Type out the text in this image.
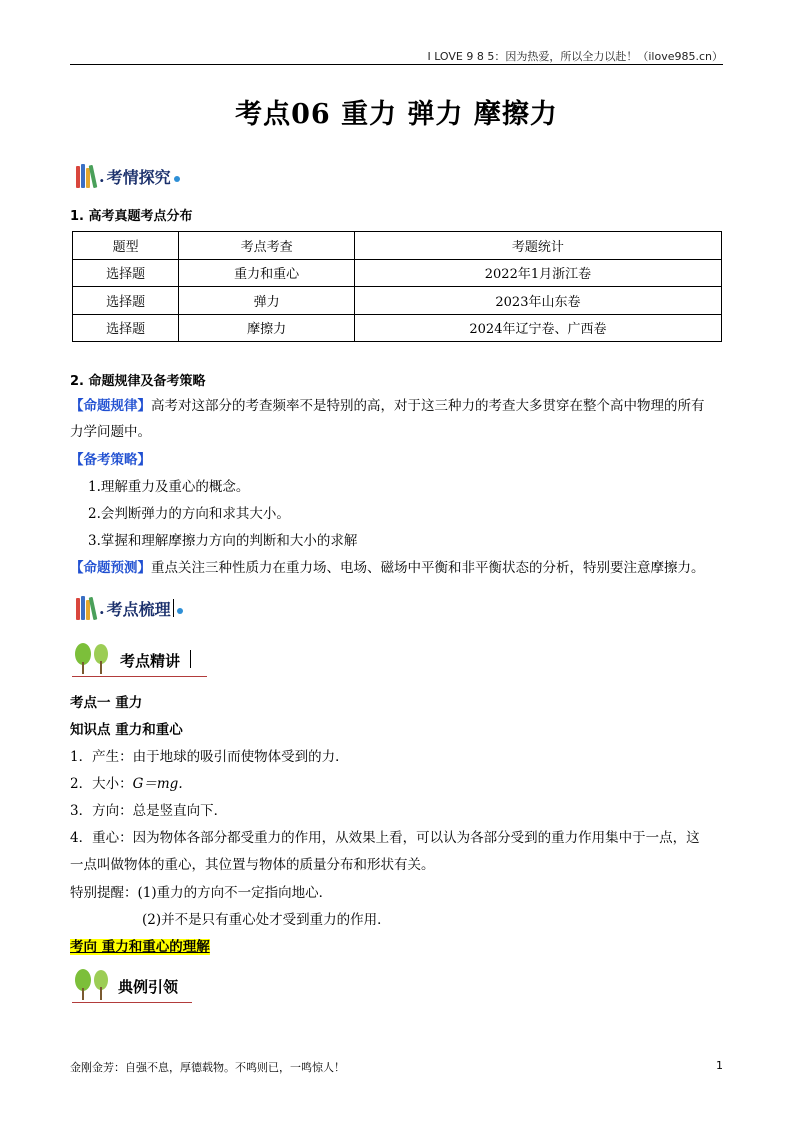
I LOVE 9 8 5：因为热爱，所以全力以赴！（ilove985.cn）
考点06 重力 弹力 摩擦力
. 考情探究
1. 高考真题考点分布
题型	考点考查	考题统计
选择题	重力和重心	2022年1月浙江卷
选择题	弹力	2023年山东卷
选择题	摩擦力	2024年辽宁卷、广西卷
2. 命题规律及备考策略
【命题规律】高考对这部分的考查频率不是特别的高，对于这三种力的考查大多贯穿在整个高中物理的所有
力学问题中。
【备考策略】
1.理解重力及重心的概念。
2.会判断弹力的方向和求其大小。
3.掌握和理解摩擦力方向的判断和大小的求解
【命题预测】重点关注三种性质力在重力场、电场、磁场中平衡和非平衡状态的分析，特别要注意摩擦力。
. 考点梳理
考点精讲
考点一 重力
知识点 重力和重心
1．产生：由于地球的吸引而使物体受到的力．
2．大小：G＝mg.
3．方向：总是竖直向下．
4．重心：因为物体各部分都受重力的作用，从效果上看，可以认为各部分受到的重力作用集中于一点，这
一点叫做物体的重心，其位置与物体的质量分布和形状有关。
特别提醒：(1)重力的方向不一定指向地心．
(2)并不是只有重心处才受到重力的作用．
考向 重力和重心的理解
典例引领
金刚金芳：自强不息，厚德载物。不鸣则已，一鸣惊人！	1
